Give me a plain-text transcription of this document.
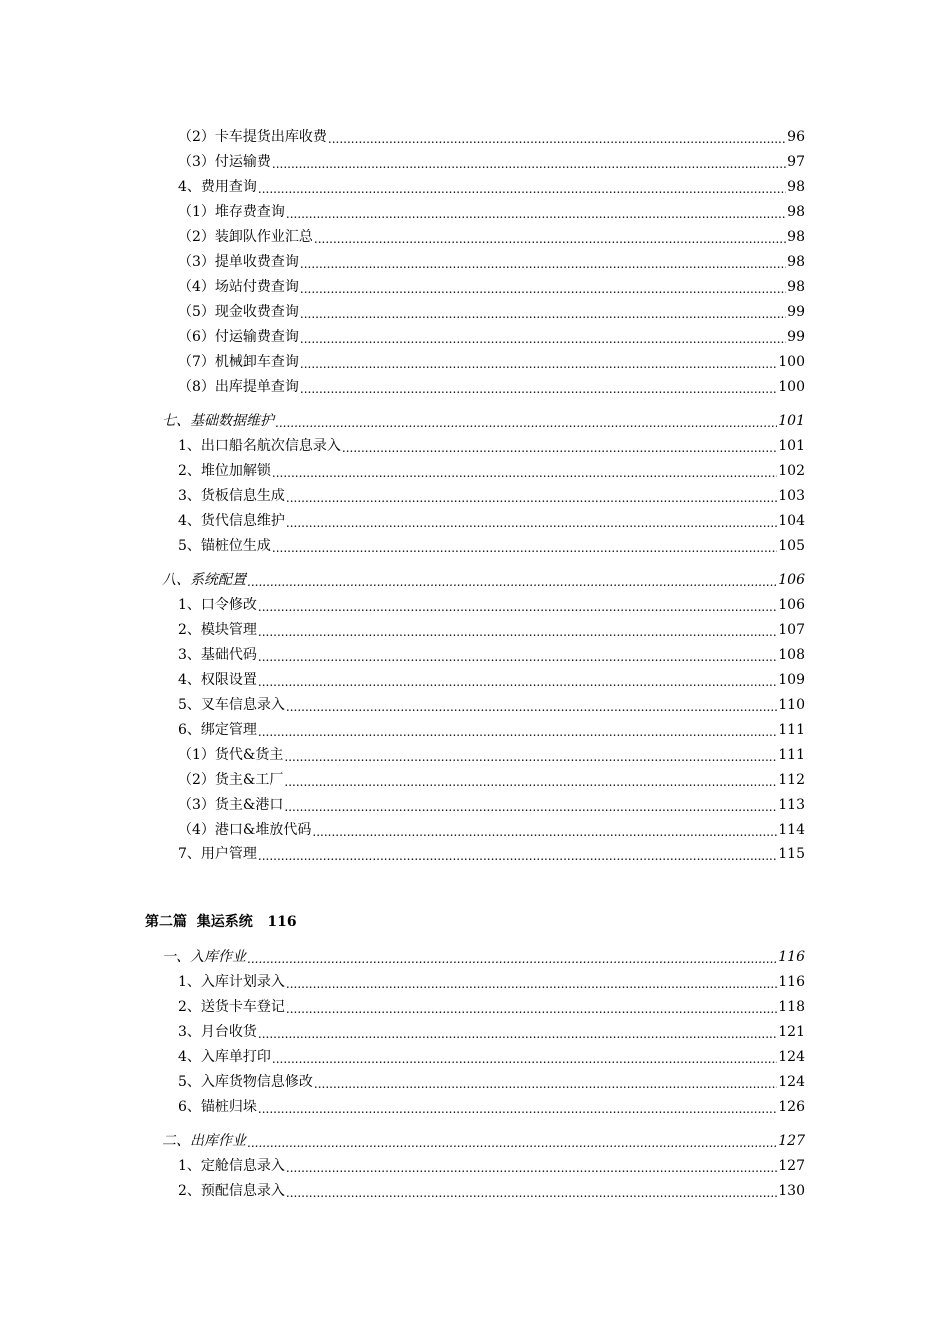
（2）卡车提货出库收费 .....	96
（3）付运输费 .....	97
4、费用查询 .....	98
（1）堆存费查询 .....	98
（2）装卸队作业汇总 .....	98
（3）提单收费查询 .....	98
（4）场站付费查询 .....	98
（5）现金收费查询 .....	99
（6）付运输费查询 .....	99
（7）机械卸车查询 .....	100
（8）出库提单查询 .....	100
七、基础数据维护 .....	101
1、出口船名航次信息录入 .....	101
2、堆位加解锁 .....	102
3、货板信息生成 .....	103
4、货代信息维护 .....	104
5、锚桩位生成 .....	105
八、系统配置 .....	106
1、口令修改 .....	106
2、模块管理 .....	107
3、基础代码 .....	108
4、权限设置 .....	109
5、叉车信息录入 .....	110
6、绑定管理 .....	111
（1）货代&货主 .....	111
（2）货主&工厂 .....	112
（3）货主&港口 .....	113
（4）港口&堆放代码 .....	114
7、用户管理 .....	115
第二篇  集运系统   116
一、入库作业 .....	116
1、入库计划录入 .....	116
2、送货卡车登记 .....	118
3、月台收货 .....	121
4、入库单打印 .....	124
5、入库货物信息修改 .....	124
6、锚桩归垛 .....	126
二、出库作业 .....	127
1、定舱信息录入 .....	127
2、预配信息录入 .....	130
